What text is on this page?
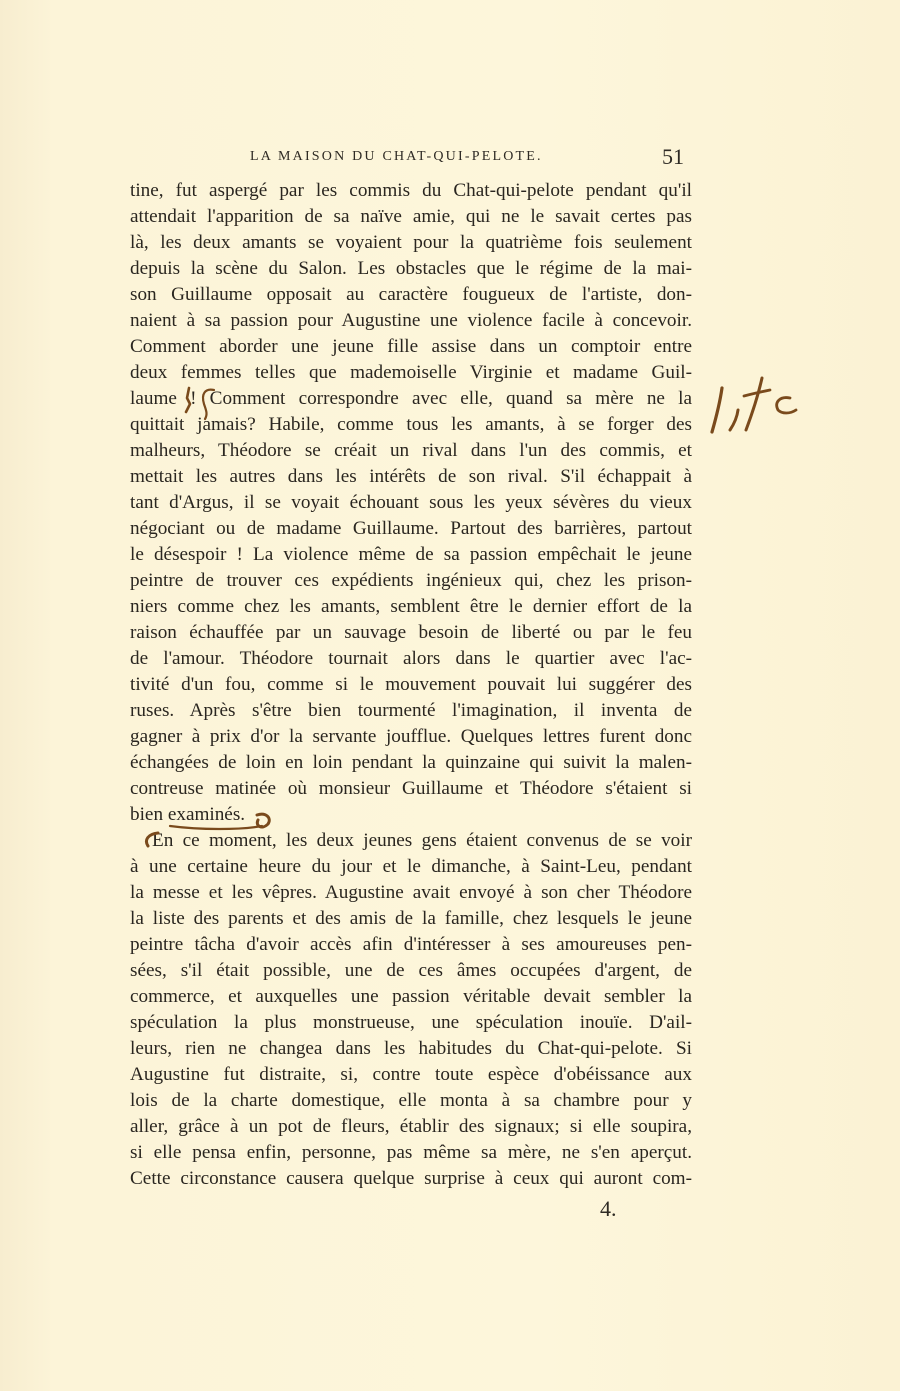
LA MAISON DU CHAT-QUI-PELOTE.	51
tine, fut aspergé par les commis du Chat-qui-pelote pendant qu'il
attendait l'apparition de sa naïve amie, qui ne le savait certes pas
là, les deux amants se voyaient pour la quatrième fois seulement
depuis la scène du Salon. Les obstacles que le régime de la mai-
son Guillaume opposait au caractère fougueux de l'artiste, don-
naient à sa passion pour Augustine une violence facile à concevoir.
Comment aborder une jeune fille assise dans un comptoir entre
deux femmes telles que mademoiselle Virginie et madame Guil-
laume ! Comment correspondre avec elle, quand sa mère ne la
quittait jamais? Habile, comme tous les amants, à se forger des
malheurs, Théodore se créait un rival dans l'un des commis, et
mettait les autres dans les intérêts de son rival. S'il échappait à
tant d'Argus, il se voyait échouant sous les yeux sévères du vieux
négociant ou de madame Guillaume. Partout des barrières, partout
le désespoir ! La violence même de sa passion empêchait le jeune
peintre de trouver ces expédients ingénieux qui, chez les prison-
niers comme chez les amants, semblent être le dernier effort de la
raison échauffée par un sauvage besoin de liberté ou par le feu
de l'amour. Théodore tournait alors dans le quartier avec l'ac-
tivité d'un fou, comme si le mouvement pouvait lui suggérer des
ruses. Après s'être bien tourmenté l'imagination, il inventa de
gagner à prix d'or la servante joufflue. Quelques lettres furent donc
échangées de loin en loin pendant la quinzaine qui suivit la malen-
contreuse matinée où monsieur Guillaume et Théodore s'étaient si
bien examinés.
En ce moment, les deux jeunes gens étaient convenus de se voir
à une certaine heure du jour et le dimanche, à Saint-Leu, pendant
la messe et les vêpres. Augustine avait envoyé à son cher Théodore
la liste des parents et des amis de la famille, chez lesquels le jeune
peintre tâcha d'avoir accès afin d'intéresser à ses amoureuses pen-
sées, s'il était possible, une de ces âmes occupées d'argent, de
commerce, et auxquelles une passion véritable devait sembler la
spéculation la plus monstrueuse, une spéculation inouïe. D'ail-
leurs, rien ne changea dans les habitudes du Chat-qui-pelote. Si
Augustine fut distraite, si, contre toute espèce d'obéissance aux
lois de la charte domestique, elle monta à sa chambre pour y
aller, grâce à un pot de fleurs, établir des signaux; si elle soupira,
si elle pensa enfin, personne, pas même sa mère, ne s'en aperçut.
Cette circonstance causera quelque surprise à ceux qui auront com-
4.
